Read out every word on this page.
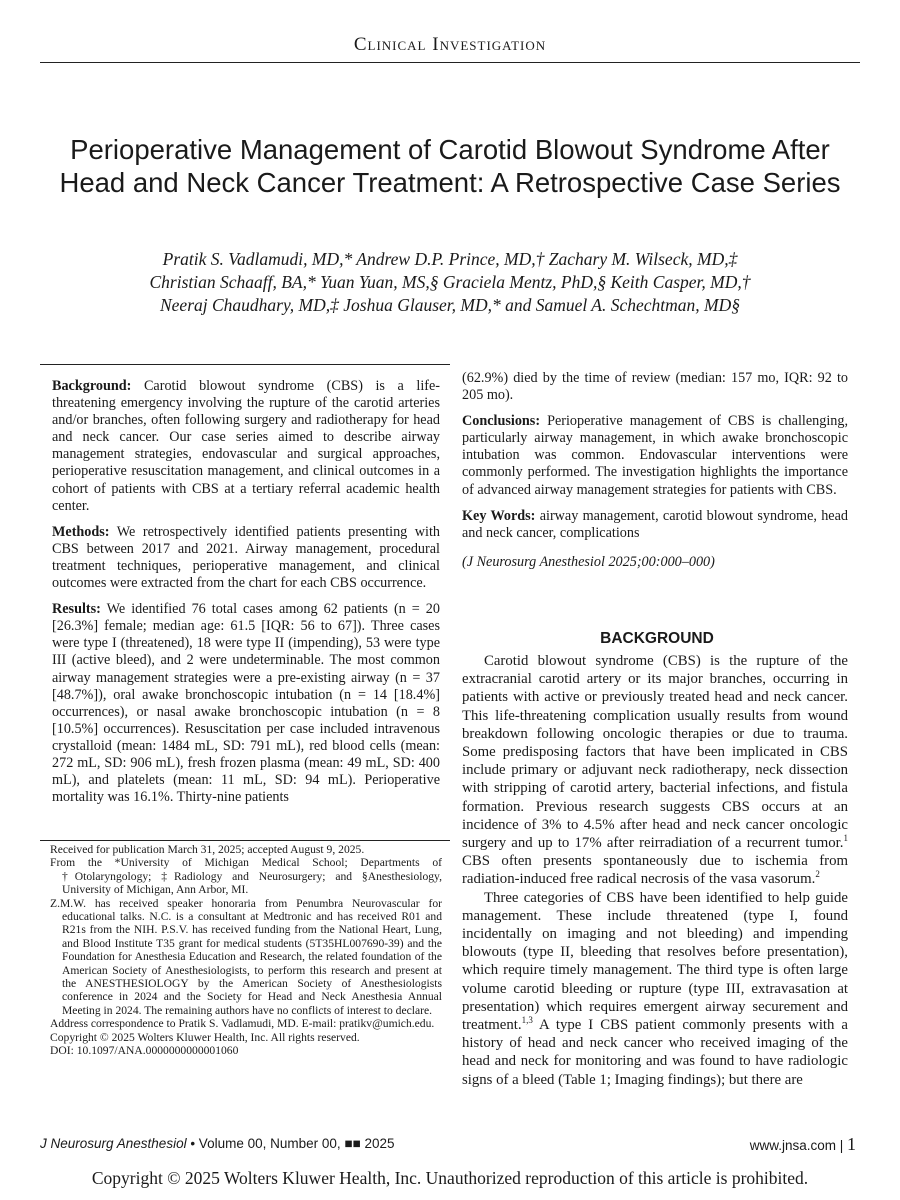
Clinical Investigation
Perioperative Management of Carotid Blowout Syndrome After Head and Neck Cancer Treatment: A Retrospective Case Series
Pratik S. Vadlamudi, MD,* Andrew D.P. Prince, MD,† Zachary M. Wilseck, MD,‡
Christian Schaaff, BA,* Yuan Yuan, MS,§ Graciela Mentz, PhD,§ Keith Casper, MD,†
Neeraj Chaudhary, MD,‡ Joshua Glauser, MD,* and Samuel A. Schechtman, MD§

Background: Carotid blowout syndrome (CBS) is a life-threatening emergency involving the rupture of the carotid arteries and/or branches, often following surgery and radiotherapy for head and neck cancer. Our case series aimed to describe airway management strategies, endovascular and surgical approaches, perioperative resuscitation management, and clinical outcomes in a cohort of patients with CBS at a tertiary referral academic health center.

Methods: We retrospectively identified patients presenting with CBS between 2017 and 2021. Airway management, procedural treatment techniques, perioperative management, and clinical outcomes were extracted from the chart for each CBS occurrence.

Results: We identified 76 total cases among 62 patients (n = 20 [26.3%] female; median age: 61.5 [IQR: 56 to 67]). Three cases were type I (threatened), 18 were type II (impending), 53 were type III (active bleed), and 2 were undeterminable. The most common airway management strategies were a pre-existing airway (n = 37 [48.7%]), oral awake bronchoscopic intubation (n = 14 [18.4%] occurrences), or nasal awake bronchoscopic intubation (n = 8 [10.5%] occurrences). Resuscitation per case included intravenous crystalloid (mean: 1484 mL, SD: 791 mL), red blood cells (mean: 272 mL, SD: 906 mL), fresh frozen plasma (mean: 49 mL, SD: 400 mL), and platelets (mean: 11 mL, SD: 94 mL). Perioperative mortality was 16.1%. Thirty-nine patients

(62.9%) died by the time of review (median: 157 mo, IQR: 92 to 205 mo).

Conclusions: Perioperative management of CBS is challenging, particularly airway management, in which awake bronchoscopic intubation was common. Endovascular interventions were commonly performed. The investigation highlights the importance of advanced airway management strategies for patients with CBS.

Key Words: airway management, carotid blowout syndrome, head and neck cancer, complications

(J Neurosurg Anesthesiol 2025;00:000–000)

Received for publication March 31, 2025; accepted August 9, 2025.

From the *University of Michigan Medical School; Departments of †Otolaryngology; ‡Radiology and Neurosurgery; and §Anesthesiology, University of Michigan, Ann Arbor, MI.

Z.M.W. has received speaker honoraria from Penumbra Neurovascular for educational talks. N.C. is a consultant at Medtronic and has received R01 and R21s from the NIH. P.S.V. has received funding from the National Heart, Lung, and Blood Institute T35 grant for medical students (5T35HL007690-39) and the Foundation for Anesthesia Education and Research, the related foundation of the American Society of Anesthesiologists, to perform this research and present at the ANESTHESIOLOGY by the American Society of Anesthesiologists conference in 2024 and the Society for Head and Neck Anesthesia Annual Meeting in 2024. The remaining authors have no conflicts of interest to declare.

Address correspondence to Pratik S. Vadlamudi, MD. E-mail: pratikv@umich.edu.

Copyright © 2025 Wolters Kluwer Health, Inc. All rights reserved.

DOI: 10.1097/ANA.0000000000001060

BACKGROUND

Carotid blowout syndrome (CBS) is the rupture of the extracranial carotid artery or its major branches, occurring in patients with active or previously treated head and neck cancer. This life-threatening complication usually results from wound breakdown following oncologic therapies or due to trauma. Some predisposing factors that have been implicated in CBS include primary or adjuvant neck radiotherapy, neck dissection with stripping of carotid artery, bacterial infections, and fistula formation. Previous research suggests CBS occurs at an incidence of 3% to 4.5% after head and neck cancer oncologic surgery and up to 17% after reirradiation of a recurrent tumor.$^1$ CBS often presents spontaneously due to ischemia from radiation-induced free radical necrosis of the vasa vasorum.$^2$

Three categories of CBS have been identified to help guide management. These include threatened (type I, found incidentally on imaging and not bleeding) and impending blowouts (type II, bleeding that resolves before presentation), which require timely management. The third type is often large volume carotid bleeding or rupture (type III, extravasation at presentation) which requires emergent airway securement and treatment.$^{1,3}$ A type I CBS patient commonly presents with a history of head and neck cancer who received imaging of the head and neck for monitoring and was found to have radiologic signs of a bleed (Table 1; Imaging findings); but there are

J Neurosurg Anesthesiol • Volume 00, Number 00, ■■ 2025	www.jnsa.com | 1
Copyright © 2025 Wolters Kluwer Health, Inc. Unauthorized reproduction of this article is prohibited.
